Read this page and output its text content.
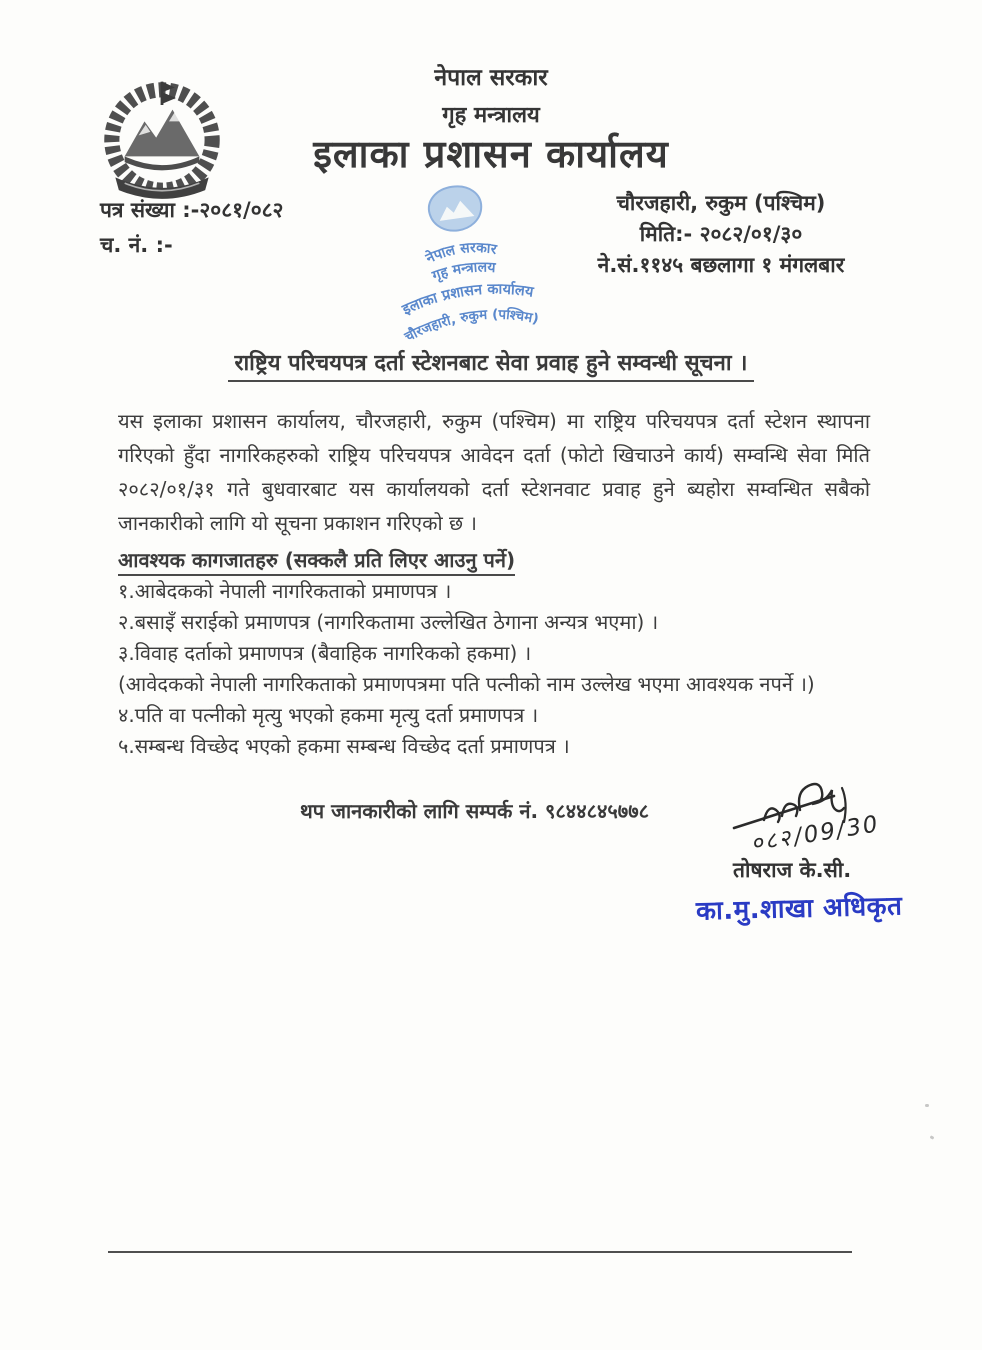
नेपाल सरकार
गृह मन्त्रालय
इलाका प्रशासन कार्यालय
पत्र संख्या :-२०८१/०८२
च. नं. :-
नेपाल सरकार
गृह मन्त्रालय
इलाका प्रशासन कार्यालय
चौरजहारी, रुकुम (पश्चिम)
चौरजहारी, रुकुम (पश्चिम)
मिति:- २०८२/०१/३०
ने.सं.११४५ बछलागा १ मंगलबार
राष्ट्रिय परिचयपत्र दर्ता स्टेशनबाट सेवा प्रवाह हुने सम्वन्धी सूचना ।
यस इलाका प्रशासन कार्यालय, चौरजहारी, रुकुम (पश्चिम) मा राष्ट्रिय परिचयपत्र दर्ता स्टेशन स्थापना गरिएको हुँदा नागरिकहरुको राष्ट्रिय परिचयपत्र आवेदन दर्ता (फोटो खिचाउने कार्य) सम्वन्धि सेवा मिति २०८२/०१/३१ गते बुधवारबाट यस कार्यालयको दर्ता स्टेशनवाट प्रवाह हुने ब्यहोरा सम्वन्धित सबैको जानकारीको लागि यो सूचना प्रकाशन गरिएको छ ।
आवश्यक कागजातहरु (सक्कलै प्रति लिएर आउनु पर्ने)
१.आबेदकको नेपाली नागरिकताको प्रमाणपत्र ।
२.बसाइँ सराईको प्रमाणपत्र (नागरिकतामा उल्लेखित ठेगाना अन्यत्र भएमा) ।
३.विवाह दर्ताको प्रमाणपत्र (बैवाहिक नागरिकको हकमा) ।
(आवेदकको नेपाली नागरिकताको प्रमाणपत्रमा पति पत्नीको नाम उल्लेख भएमा आवश्यक नपर्ने ।)
४.पति वा पत्नीको मृत्यु भएको हकमा मृत्यु दर्ता प्रमाणपत्र ।
५.सम्बन्ध विच्छेद भएको हकमा सम्बन्ध विच्छेद दर्ता प्रमाणपत्र ।
थप जानकारीको लागि सम्पर्क नं. ९८४४८४५७७८	०८२/09/30
तोषराज के.सी.
का.मु.शाखा अधिकृत
